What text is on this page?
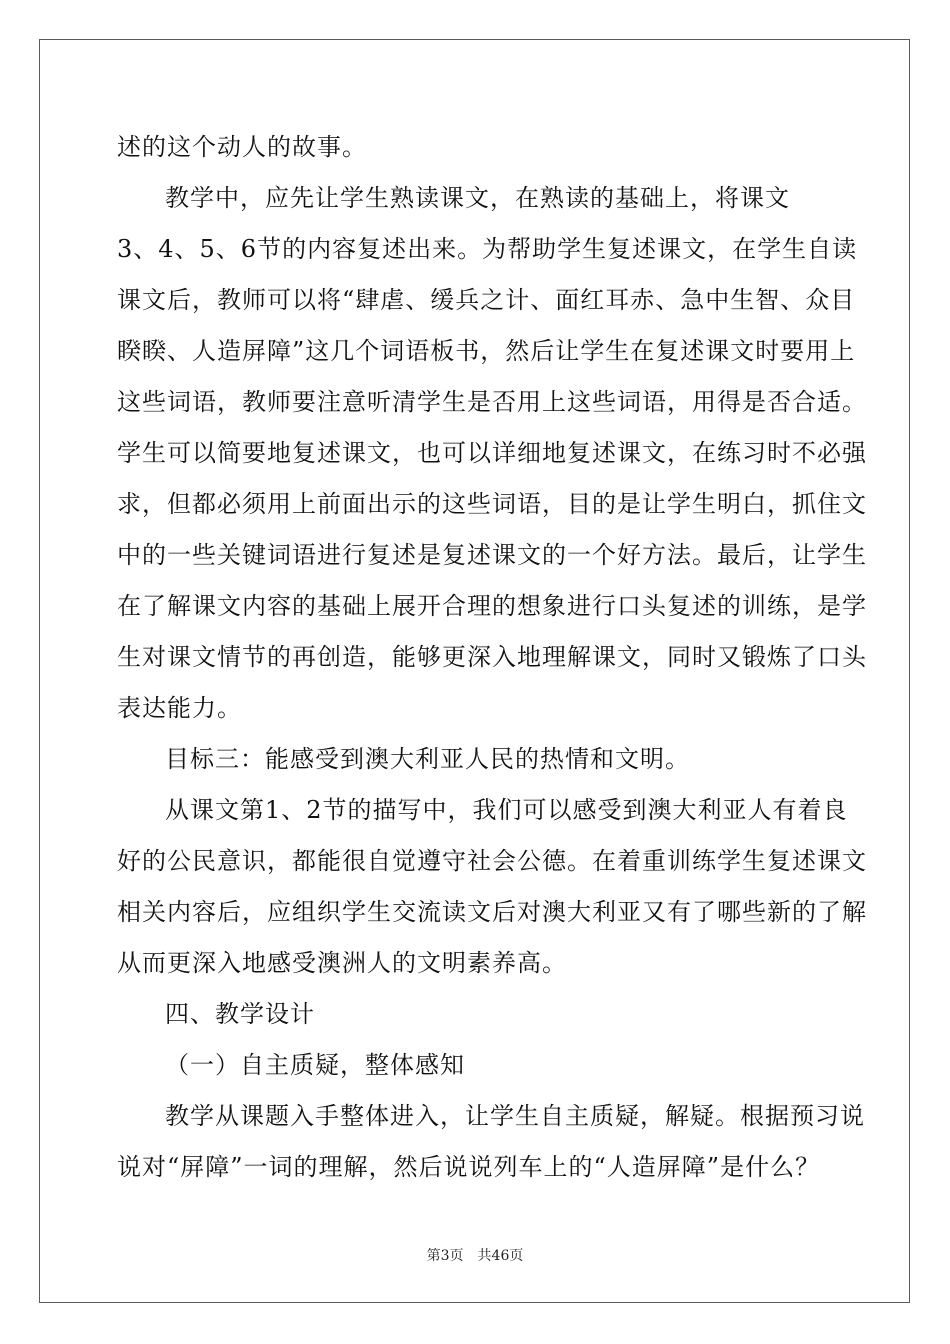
述的这个动人的故事。
教学中，应先让学生熟读课文，在熟读的基础上，将课文
3、4、5、6节的内容复述出来。为帮助学生复述课文，在学生自读
课文后，教师可以将“肆虐、缓兵之计、面红耳赤、急中生智、众目
睽睽、人造屏障”这几个词语板书，然后让学生在复述课文时要用上
这些词语，教师要注意听清学生是否用上这些词语，用得是否合适。
学生可以简要地复述课文，也可以详细地复述课文，在练习时不必强
求，但都必须用上前面出示的这些词语，目的是让学生明白，抓住文
中的一些关键词语进行复述是复述课文的一个好方法。最后，让学生
在了解课文内容的基础上展开合理的想象进行口头复述的训练，是学
生对课文情节的再创造，能够更深入地理解课文，同时又锻炼了口头
表达能力。
目标三：能感受到澳大利亚人民的热情和文明。
从课文第1、2节的描写中，我们可以感受到澳大利亚人有着良
好的公民意识，都能很自觉遵守社会公德。在着重训练学生复述课文
相关内容后，应组织学生交流读文后对澳大利亚又有了哪些新的了解
从而更深入地感受澳洲人的文明素养高。
四、教学设计
（一）自主质疑，整体感知
教学从课题入手整体进入，让学生自主质疑，解疑。根据预习说
说对“屏障”一词的理解，然后说说列车上的“人造屏障”是什么？
第3页 共46页
